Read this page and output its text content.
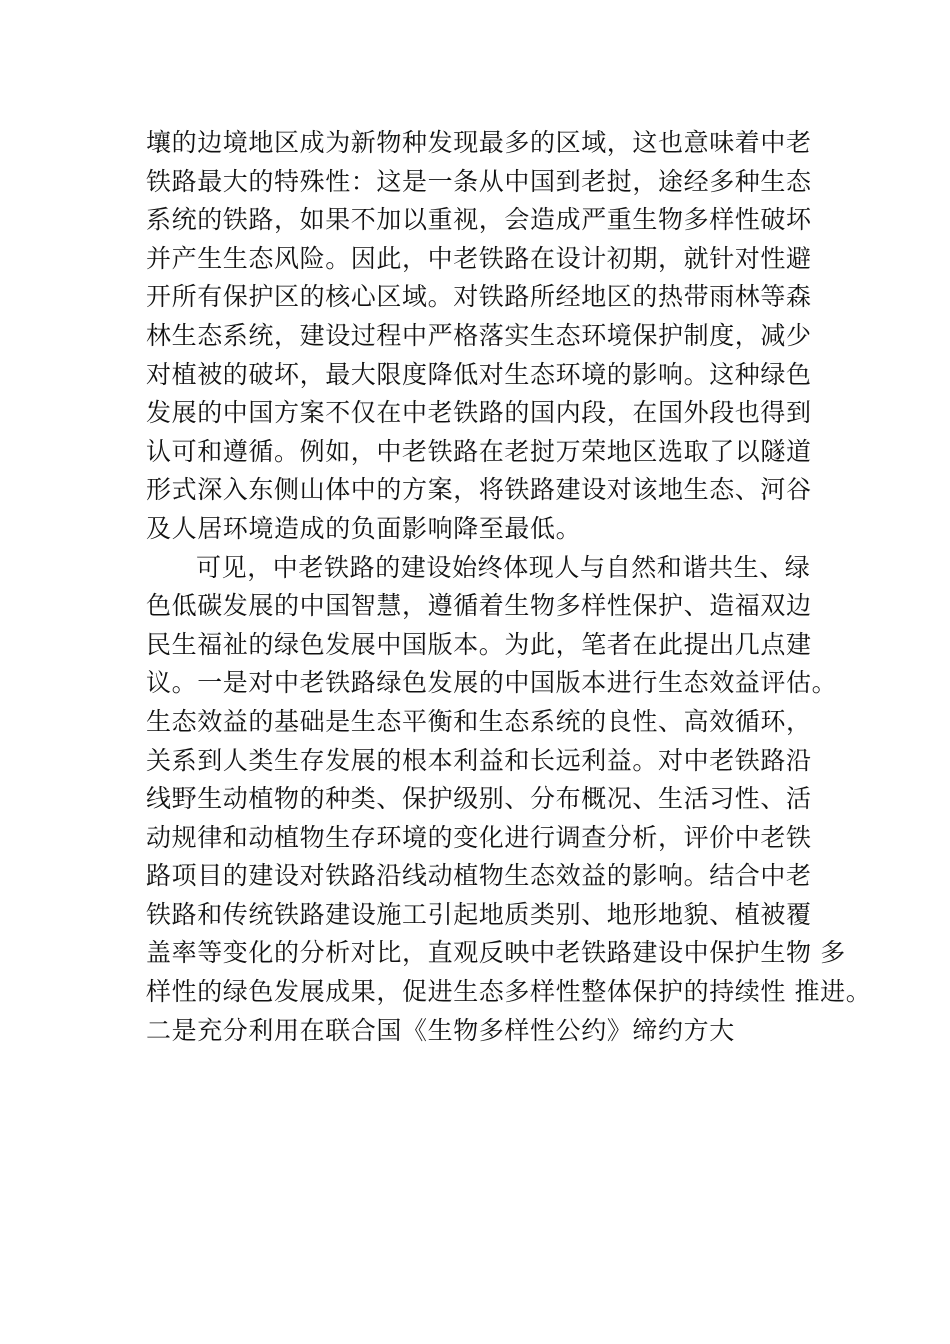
壤的边境地区成为新物种发现最多的区域，这也意味着中老
铁路最大的特殊性：这是一条从中国到老挝，途经多种生态
系统的铁路，如果不加以重视，会造成严重生物多样性破坏
并产生生态风险。因此，中老铁路在设计初期，就针对性避
开所有保护区的核心区域。对铁路所经地区的热带雨林等森
林生态系统，建设过程中严格落实生态环境保护制度，减少
对植被的破坏，最大限度降低对生态环境的影响。这种绿色
发展的中国方案不仅在中老铁路的国内段，在国外段也得到
认可和遵循。例如，中老铁路在老挝万荣地区选取了以隧道
形式深入东侧山体中的方案，将铁路建设对该地生态、河谷
及人居环境造成的负面影响降至最低。
可见，中老铁路的建设始终体现人与自然和谐共生、绿
色低碳发展的中国智慧，遵循着生物多样性保护、造福双边
民生福祉的绿色发展中国版本。为此，笔者在此提出几点建
议。一是对中老铁路绿色发展的中国版本进行生态效益评估。
生态效益的基础是生态平衡和生态系统的良性、高效循环，
关系到人类生存发展的根本利益和长远利益。对中老铁路沿
线野生动植物的种类、保护级别、分布概况、生活习性、活
动规律和动植物生存环境的变化进行调查分析，评价中老铁
路项目的建设对铁路沿线动植物生态效益的影响。结合中老
铁路和传统铁路建设施工引起地质类别、地形地貌、植被覆
盖率等变化的分析对比，直观反映中老铁路建设中保护生物 多
样性的绿色发展成果，促进生态多样性整体保护的持续性 推进。
二是充分利用在联合国《生物多样性公约》缔约方大
